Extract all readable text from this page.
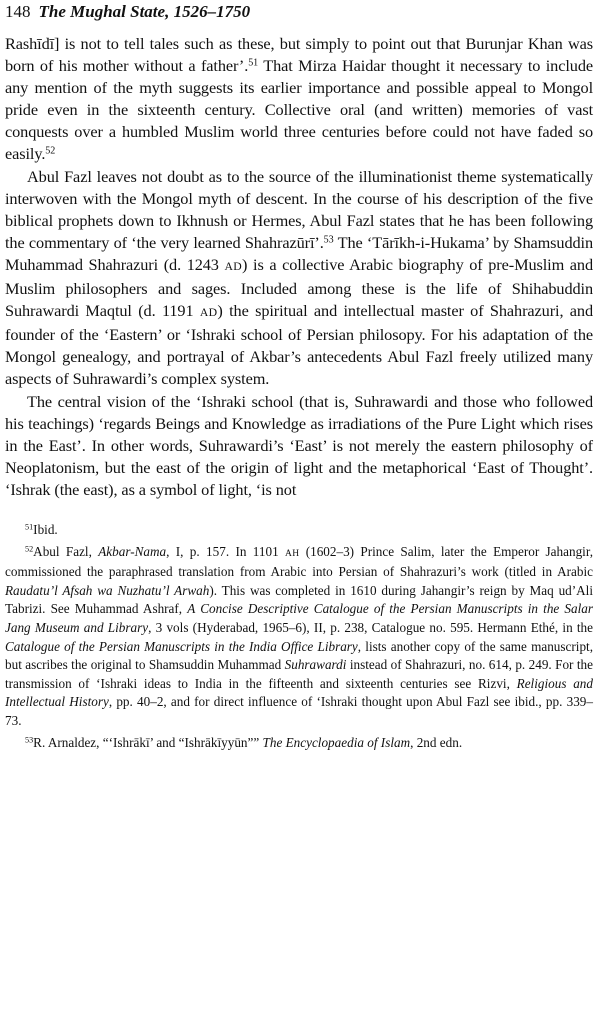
148 The Mughal State, 1526–1750

Rashīdī] is not to tell tales such as these, but simply to point out that Burunjar Khan was born of his mother without a father’.$^{51}$ That Mirza Haidar thought it necessary to include any mention of the myth suggests its earlier importance and possible appeal to Mongol pride even in the sixteenth century. Collective oral (and written) memories of vast conquests over a humbled Muslim world three centuries before could not have faded so easily.$^{52}$

Abul Fazl leaves not doubt as to the source of the illuminationist theme systematically interwoven with the Mongol myth of descent. In the course of his description of the five biblical prophets down to Ikhnush or Hermes, Abul Fazl states that he has been following the commentary of ‘the very learned Shahrazūrī’.$^{53}$ The ‘Tārīkh-i-Hukama’ by Shamsuddin Muhammad Shahrazuri (d. 1243 AD) is a collective Arabic biography of pre-Muslim and Muslim philosophers and sages. Included among these is the life of Shihabuddin Suhrawardi Maqtul (d. 1191 AD) the spiritual and intellectual master of Shahrazuri, and founder of the ‘Eastern’ or ‘Ishraki school of Persian philosopy. For his adaptation of the Mongol genealogy, and portrayal of Akbar’s antecedents Abul Fazl freely utilized many aspects of Suhrawardi’s complex system.

The central vision of the ‘Ishraki school (that is, Suhrawardi and those who followed his teachings) ‘regards Beings and Knowledge as irradiations of the Pure Light which rises in the East’. In other words, Suhrawardi’s ‘East’ is not merely the eastern philosophy of Neoplatonism, but the east of the origin of light and the metaphorical ‘East of Thought’. ‘Ishrak (the east), as a symbol of light, ‘is not

$^{51}$Ibid.

$^{52}$Abul Fazl, Akbar-Nama, I, p. 157. In 1101 AH (1602–3) Prince Salim, later the Emperor Jahangir, commissioned the paraphrased translation from Arabic into Persian of Shahrazuri’s work (titled in Arabic Raudatu’l Afsah wa Nuzhatu’l Arwah). This was completed in 1610 during Jahangir’s reign by Maq ud’Ali Tabrizi. See Muhammad Ashraf, A Concise Descriptive Catalogue of the Persian Manuscripts in the Salar Jang Museum and Library, 3 vols (Hyderabad, 1965–6), II, p. 238, Catalogue no. 595. Hermann Ethé, in the Catalogue of the Persian Manuscripts in the India Office Library, lists another copy of the same manuscript, but ascribes the original to Shamsuddin Muhammad Suhrawardi instead of Shahrazuri, no. 614, p. 249. For the transmission of ‘Ishraki ideas to India in the fifteenth and sixteenth centuries see Rizvi, Religious and Intellectual History, pp. 40–2, and for direct influence of ‘Ishraki thought upon Abul Fazl see ibid., pp. 339–73.

$^{53}$R. Arnaldez, “‘Ishrākī’ and “Ishrākīyyūn”” The Encyclopaedia of Islam, 2nd edn.
